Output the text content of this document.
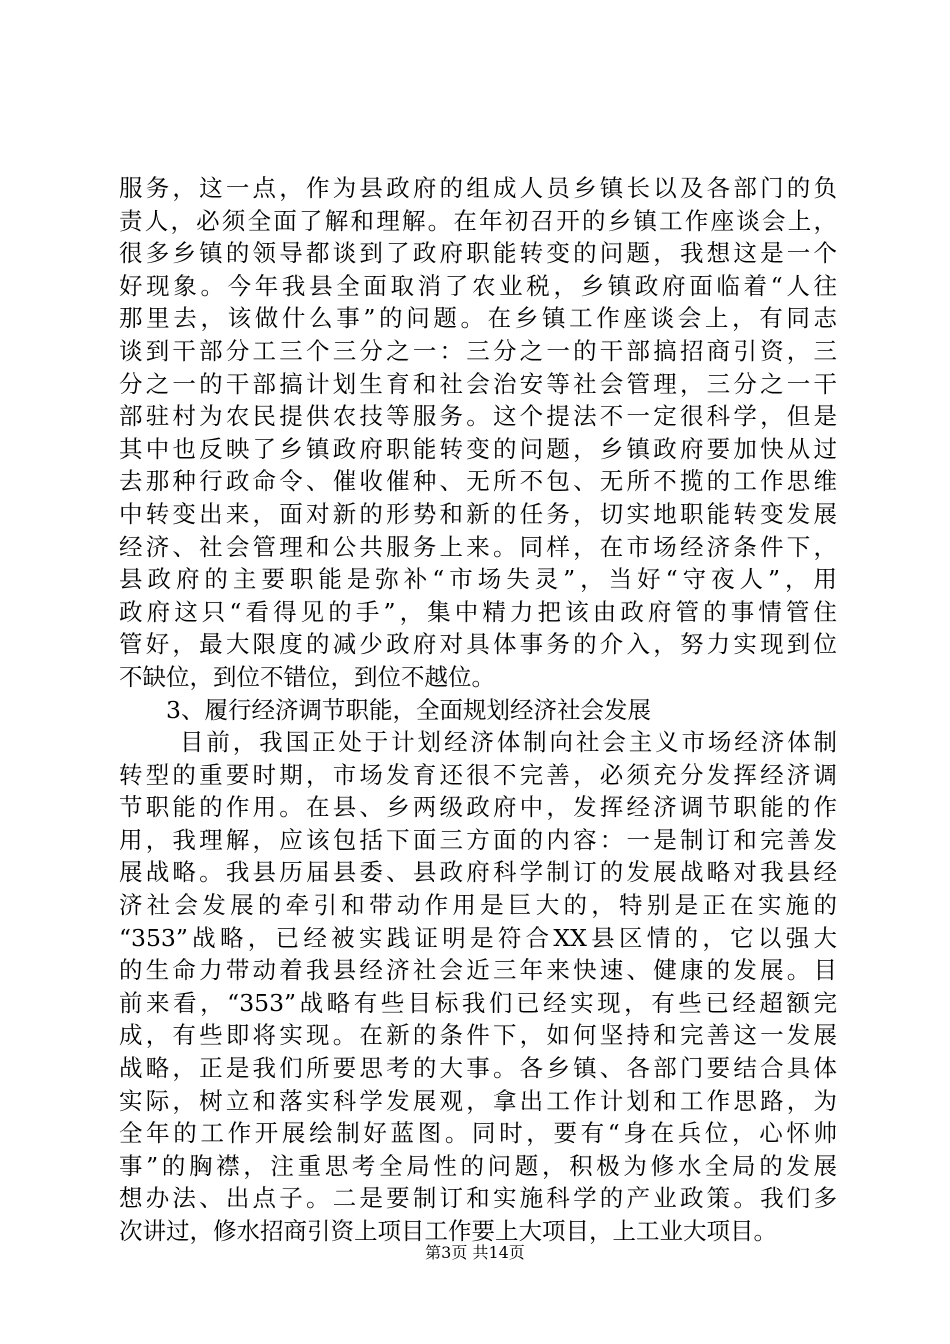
服务，这一点，作为县政府的组成人员乡镇长以及各部门的负
责人，必须全面了解和理解。在年初召开的乡镇工作座谈会上，
很多乡镇的领导都谈到了政府职能转变的问题，我想这是一个
好现象。今年我县全面取消了农业税，乡镇政府面临着“人往
那里去，该做什么事”的问题。在乡镇工作座谈会上，有同志
谈到干部分工三个三分之一：三分之一的干部搞招商引资，三
分之一的干部搞计划生育和社会治安等社会管理，三分之一干
部驻村为农民提供农技等服务。这个提法不一定很科学，但是
其中也反映了乡镇政府职能转变的问题，乡镇政府要加快从过
去那种行政命令、催收催种、无所不包、无所不揽的工作思维
中转变出来，面对新的形势和新的任务，切实地职能转变发展
经济、社会管理和公共服务上来。同样，在市场经济条件下，
县政府的主要职能是弥补“市场失灵”，当好“守夜人”，用
政府这只“看得见的手”，集中精力把该由政府管的事情管住
管好，最大限度的减少政府对具体事务的介入，努力实现到位
不缺位，到位不错位，到位不越位。
3、履行经济调节职能，全面规划经济社会发展
目前，我国正处于计划经济体制向社会主义市场经济体制
转型的重要时期，市场发育还很不完善，必须充分发挥经济调
节职能的作用。在县、乡两级政府中，发挥经济调节职能的作
用，我理解，应该包括下面三方面的内容：一是制订和完善发
展战略。我县历届县委、县政府科学制订的发展战略对我县经
济社会发展的牵引和带动作用是巨大的，特别是正在实施的
“353”战略，已经被实践证明是符合XX县区情的，它以强大
的生命力带动着我县经济社会近三年来快速、健康的发展。目
前来看，“353”战略有些目标我们已经实现，有些已经超额完
成，有些即将实现。在新的条件下，如何坚持和完善这一发展
战略，正是我们所要思考的大事。各乡镇、各部门要结合具体
实际，树立和落实科学发展观，拿出工作计划和工作思路，为
全年的工作开展绘制好蓝图。同时，要有“身在兵位，心怀帅
事”的胸襟，注重思考全局性的问题，积极为修水全局的发展
想办法、出点子。二是要制订和实施科学的产业政策。我们多
次讲过，修水招商引资上项目工作要上大项目，上工业大项目。
第3页 共14页
